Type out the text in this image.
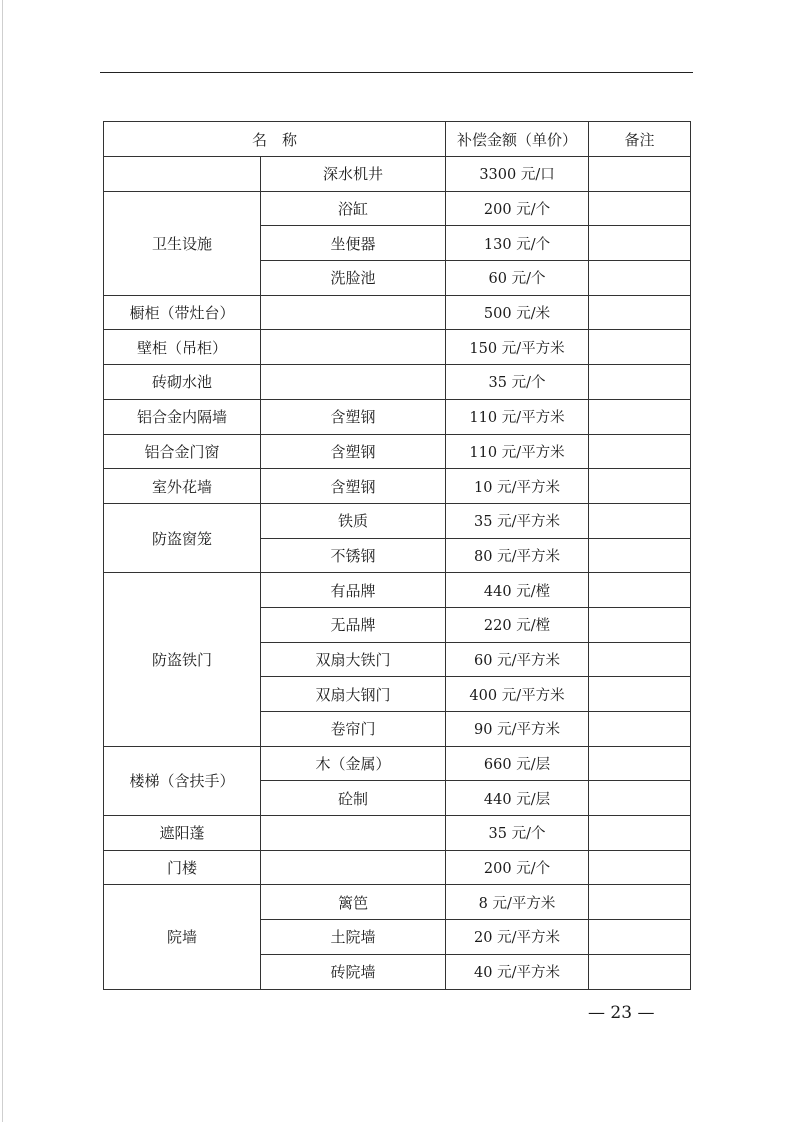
名　称		补偿金额（单价）	备注
	深水机井	3300 元/口	
卫生设施	浴缸	200 元/个	
	坐便器	130 元/个	
	洗脸池	60 元/个	
橱柜（带灶台）		500 元/米	
壁柜（吊柜）		150 元/平方米	
砖砌水池		35 元/个	
铝合金内隔墙	含塑钢	110 元/平方米	
铝合金门窗	含塑钢	110 元/平方米	
室外花墙	含塑钢	10 元/平方米	
防盗窗笼	铁质	35 元/平方米	
	不锈钢	80 元/平方米	
防盗铁门	有品牌	440 元/樘	
	无品牌	220 元/樘	
	双扇大铁门	60 元/平方米	
	双扇大钢门	400 元/平方米	
	卷帘门	90 元/平方米	
楼梯（含扶手）	木（金属）	660 元/层	
	砼制	440 元/层	
遮阳蓬		35 元/个	
门楼		200 元/个	
院墙	篱笆	8 元/平方米	
	土院墙	20 元/平方米	
	砖院墙	40 元/平方米	
— 23 —
